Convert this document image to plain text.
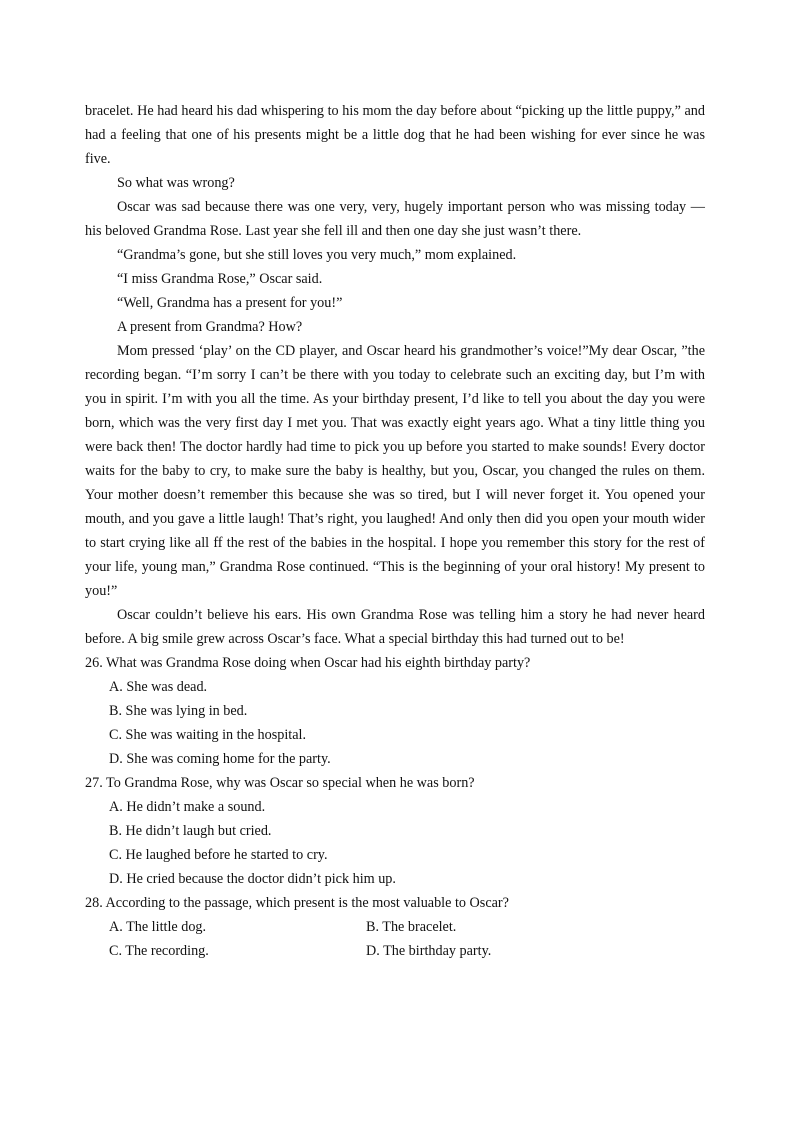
bracelet. He had heard his dad whispering to his mom the day before about “picking up the little puppy,” and had a feeling that one of his presents might be a little dog that he had been wishing for ever since he was five.

So what was wrong?

Oscar was sad because there was one very, very, hugely important person who was missing today — his beloved Grandma Rose. Last year she fell ill and then one day she just wasn’t there.

“Grandma’s gone, but she still loves you very much,” mom explained.

“I miss Grandma Rose,” Oscar said.

“Well, Grandma has a present for you!”

A present from Grandma? How?

Mom pressed ‘play’ on the CD player, and Oscar heard his grandmother’s voice!”My dear Oscar, ”the recording began. “I’m sorry I can’t be there with you today to celebrate such an exciting day, but I’m with you in spirit. I’m with you all the time. As your birthday present, I’d like to tell you about the day you were born, which was the very first day I met you. That was exactly eight years ago. What a tiny little thing you were back then! The doctor hardly had time to pick you up before you started to make sounds! Every doctor waits for the baby to cry, to make sure the baby is healthy, but you, Oscar, you changed the rules on them. Your mother doesn’t remember this because she was so tired, but I will never forget it. You opened your mouth, and you gave a little laugh! That’s right, you laughed! And only then did you open your mouth wider to start crying like all ff the rest of the babies in the hospital. I hope you remember this story for the rest of your life, young man,” Grandma Rose continued. “This is the beginning of your oral history! My present to you!”

Oscar couldn’t believe his ears. His own Grandma Rose was telling him a story he had never heard before. A big smile grew across Oscar’s face. What a special birthday this had turned out to be!

26. What was Grandma Rose doing when Oscar had his eighth birthday party?

A. She was dead.

B. She was lying in bed.

C. She was waiting in the hospital.

D. She was coming home for the party.

27. To Grandma Rose, why was Oscar so special when he was born?

A. He didn’t make a sound.

B. He didn’t laugh but cried.

C. He laughed before he started to cry.

D. He cried because the doctor didn’t pick him up.

28. According to the passage, which present is the most valuable to Oscar?

A. The little dog.	B. The bracelet.
C. The recording.	D. The birthday party.
